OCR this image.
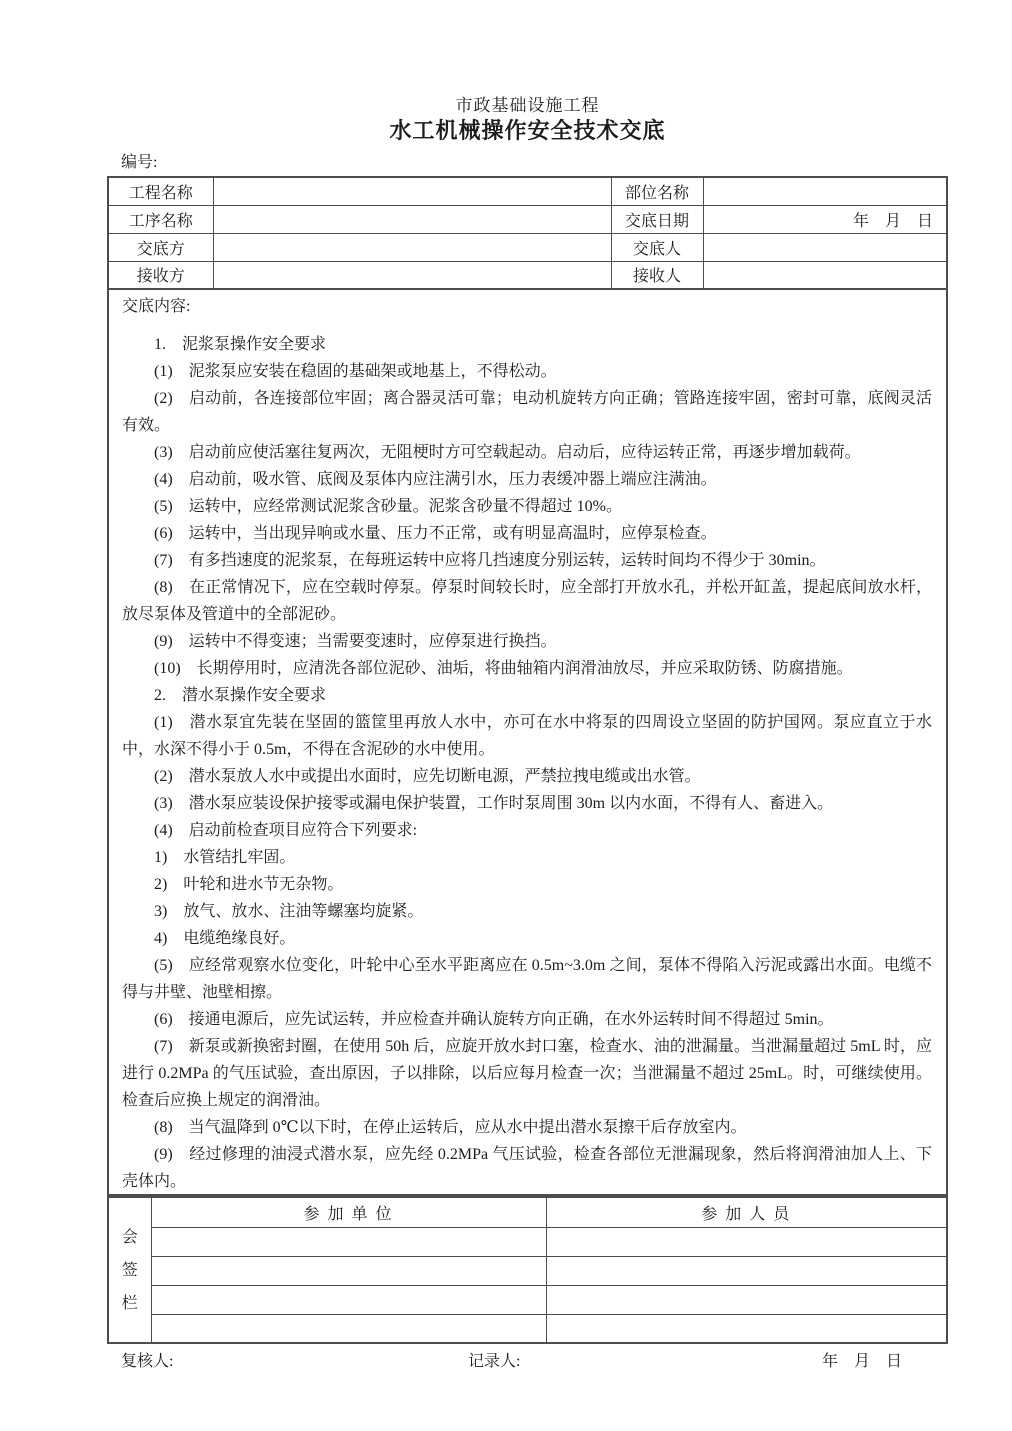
市政基础设施工程
水工机械操作安全技术交底
编号:
工程名称		部位名称	
工序名称		交底日期	年　月　日
交底方		交底人	
接收方		接收人	
交底内容:

1.　泥浆泵操作安全要求

(1)　泥浆泵应安装在稳固的基础架或地基上，不得松动。

(2)　启动前，各连接部位牢固；离合器灵活可靠；电动机旋转方向正确；管路连接牢固，密封可靠，底阀灵活有效。

(3)　启动前应使活塞往复两次，无阻梗时方可空载起动。启动后，应待运转正常，再逐步增加载荷。

(4)　启动前，吸水管、底阀及泵体内应注满引水，压力表缓冲器上端应注满油。

(5)　运转中，应经常测试泥浆含砂量。泥浆含砂量不得超过 10%。

(6)　运转中，当出现异响或水量、压力不正常，或有明显高温时，应停泵检查。

(7)　有多挡速度的泥浆泵，在每班运转中应将几挡速度分别运转，运转时间均不得少于 30min。

(8)　在正常情况下，应在空载时停泵。停泵时间较长时，应全部打开放水孔，并松开缸盖，提起底间放水杆，放尽泵体及管道中的全部泥砂。

(9)　运转中不得变速；当需要变速时，应停泵进行换挡。

(10)　长期停用时，应清洗各部位泥砂、油垢，将曲轴箱内润滑油放尽，并应采取防锈、防腐措施。

2.　潜水泵操作安全要求

(1)　潜水泵宜先装在坚固的篮筐里再放人水中，亦可在水中将泵的四周设立坚固的防护国网。泵应直立于水中，水深不得小于 0.5m，不得在含泥砂的水中使用。

(2)　潜水泵放人水中或提出水面时，应先切断电源，严禁拉拽电缆或出水管。

(3)　潜水泵应装设保护接零或漏电保护装置，工作时泵周围 30m 以内水面，不得有人、畜进入。

(4)　启动前检查项目应符合下列要求:

1)　水管结扎牢固。

2)　叶轮和进水节无杂物。

3)　放气、放水、注油等螺塞均旋紧。

4)　电缆绝缘良好。

(5)　应经常观察水位变化，叶轮中心至水平距离应在 0.5m~3.0m 之间，泵体不得陷入污泥或露出水面。电缆不得与井壁、池壁相擦。

(6)　接通电源后，应先试运转，并应检查并确认旋转方向正确，在水外运转时间不得超过 5min。

(7)　新泵或新换密封圈，在使用 50h 后，应旋开放水封口塞，检查水、油的泄漏量。当泄漏量超过 5mL 时，应进行 0.2MPa 的气压试验，查出原因，子以排除，以后应每月检查一次；当泄漏量不超过 25mL。时，可继续使用。检查后应换上规定的润滑油。

(8)　当气温降到 0℃以下时，在停止运转后，应从水中提出潜水泵擦干后存放室内。

(9)　经过修理的油浸式潜水泵，应先经 0.2MPa 气压试验，检查各部位无泄漏现象，然后将润滑油加人上、下壳体内。

会签栏	参 加 单 位	参 加 人 员

复核人:	记录人:	年　月　日
